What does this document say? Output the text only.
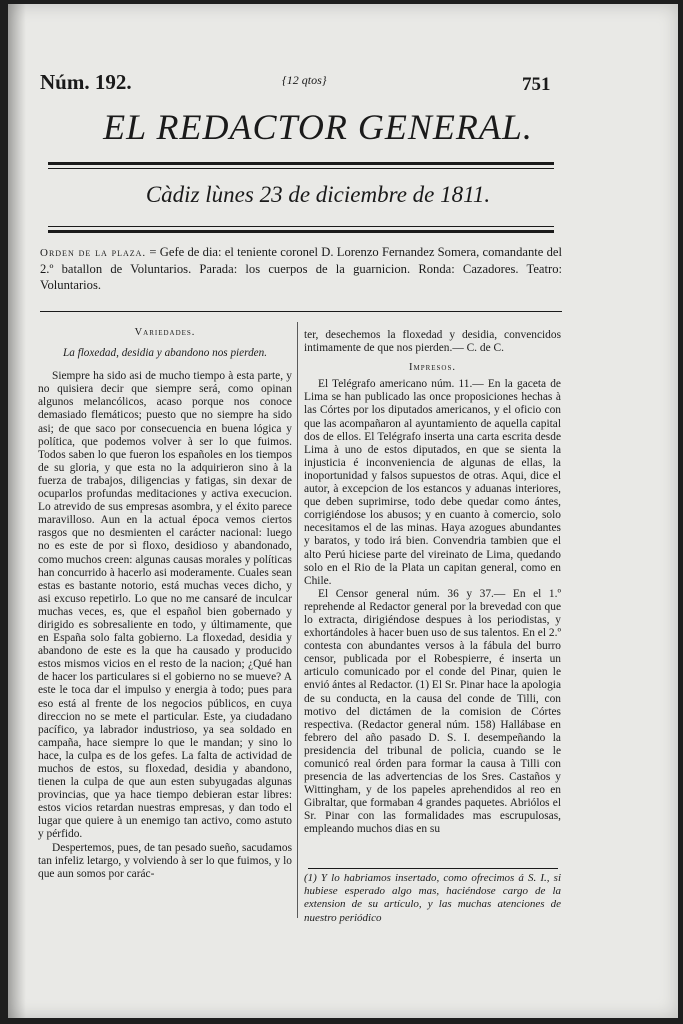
Núm. 192.	{12 qtos}	751
EL REDACTOR GENERAL.
Càdiz lùnes 23 de diciembre de 1811.
Orden de la plaza. = Gefe de dia: el teniente coronel D. Lorenzo Fernandez Somera, comandante del 2.º batallon de Voluntarios. Parada: los cuerpos de la guarnicion. Ronda: Cazadores. Teatro: Voluntarios.
Variedades.
La floxedad, desidia y abandono nos pierden.

Siempre ha sido asi de mucho tiempo à esta parte, y no quisiera decir que siempre será, como opinan algunos melancólicos, acaso porque nos conoce demasiado flemáticos; puesto que no siempre ha sido asi; de que saco por consecuencia en buena lógica y política, que podemos volver à ser lo que fuimos. Todos saben lo que fueron los españoles en los tiempos de su gloria, y que esta no la adquirieron sino à la fuerza de trabajos, diligencias y fatigas, sin dexar de ocuparlos profundas meditaciones y activa execucion. Lo atrevido de sus empresas asombra, y el éxito parece maravilloso. Aun en la actual época vemos ciertos rasgos que no desmienten el carácter nacional: luego no es este de por sì floxo, desidioso y abandonado, como muchos creen: algunas causas morales y políticas han concurrido à hacerlo asi moderamente. Cuales sean estas es bastante notorio, está muchas veces dicho, y asi excuso repetirlo. Lo que no me cansaré de inculcar muchas veces, es, que el español bien gobernado y dirigido es sobresaliente en todo, y últimamente, que en España solo falta gobierno. La floxedad, desidia y abandono de este es la que ha causado y producido estos mismos vicios en el resto de la nacion; ¿Qué han de hacer los particulares si el gobierno no se mueve? A este le toca dar el impulso y energia à todo; pues para eso está al frente de los negocios públicos, en cuya direccion no se mete el particular. Este, ya ciudadano pacífico, ya labrador industrioso, ya sea soldado en campaña, hace siempre lo que le mandan; y sino lo hace, la culpa es de los gefes. La falta de actividad de muchos de estos, su floxedad, desidia y abandono, tienen la culpa de que aun esten subyugadas algunas provincias, que ya hace tiempo debieran estar libres: estos vicios retardan nuestras empresas, y dan todo el lugar que quiere à un enemigo tan activo, como astuto y pérfido.

Despertemos, pues, de tan pesado sueño, sacudamos tan infeliz letargo, y volviendo à ser lo que fuimos, y lo que aun somos por carác-

ter, desechemos la floxedad y desidia, convencidos intimamente de que nos pierden.— C. de C.

Impresos.

El Telégrafo americano núm. 11.— En la gaceta de Lima se han publicado las once proposiciones hechas à las Córtes por los diputados americanos, y el oficio con que las acompañaron al ayuntamiento de aquella capital dos de ellos. El Telégrafo inserta una carta escrita desde Lima à uno de estos diputados, en que se sienta la injusticia é inconveniencia de algunas de ellas, la inoportunidad y falsos supuestos de otras. Aqui, dice el autor, à excepcion de los estancos y aduanas interiores, que deben suprimirse, todo debe quedar como ántes, corrigiéndose los abusos; y en cuanto à comercio, solo necesitamos el de las minas. Haya azogues abundantes y baratos, y todo irá bien. Convendria tambien que el alto Perú hiciese parte del vireinato de Lima, quedando solo en el Rio de la Plata un capitan general, como en Chile.

El Censor general núm. 36 y 37.— En el 1.º reprehende al Redactor general por la brevedad con que lo extracta, dirigiéndose despues à los periodistas, y exhortándoles à hacer buen uso de sus talentos. En el 2.º contesta con abundantes versos à la fábula del burro censor, publicada por el Robespierre, é inserta un articulo comunicado por el conde del Pinar, quien le envió ántes al Redactor. (1) El Sr. Pinar hace la apologia de su conducta, en la causa del conde de Tilli, con motivo del dictámen de la comision de Córtes respectiva. (Redactor general núm. 158) Hallábase en febrero del año pasado D. S. I. desempeñando la presidencia del tribunal de policia, cuando se le comunicó real órden para formar la causa à Tilli con presencia de las advertencias de los Sres. Castaños y Wittingham, y de los papeles aprehendidos al reo en Gibraltar, que formaban 4 grandes paquetes. Abriólos el Sr. Pinar con las formalidades mas escrupulosas, empleando muchos dias en su

(1) Y lo habriamos insertado, como ofrecimos á S. I., si hubiese esperado algo mas, haciéndose cargo de la extension de su artículo, y las muchas atenciones de nuestro periódico
